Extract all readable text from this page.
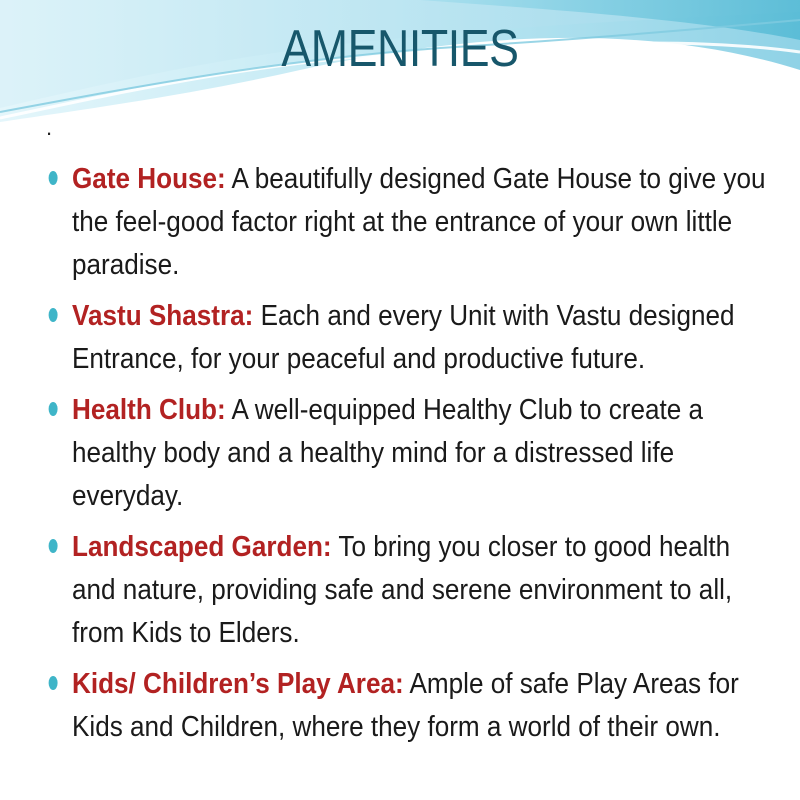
AMENITIES
.
Gate House: A beautifully designed Gate House to give you the feel-good factor right at the entrance of your own little paradise.
Vastu Shastra: Each and every Unit with Vastu designed Entrance, for your peaceful and productive future.
Health Club: A well-equipped Healthy Club to create a healthy body and a healthy mind for a distressed life everyday.
Landscaped Garden: To bring you closer to good health and nature, providing safe and serene environment to all, from Kids to Elders.
Kids/ Children’s Play Area: Ample of safe Play Areas for Kids and Children, where they form a world of their own.
